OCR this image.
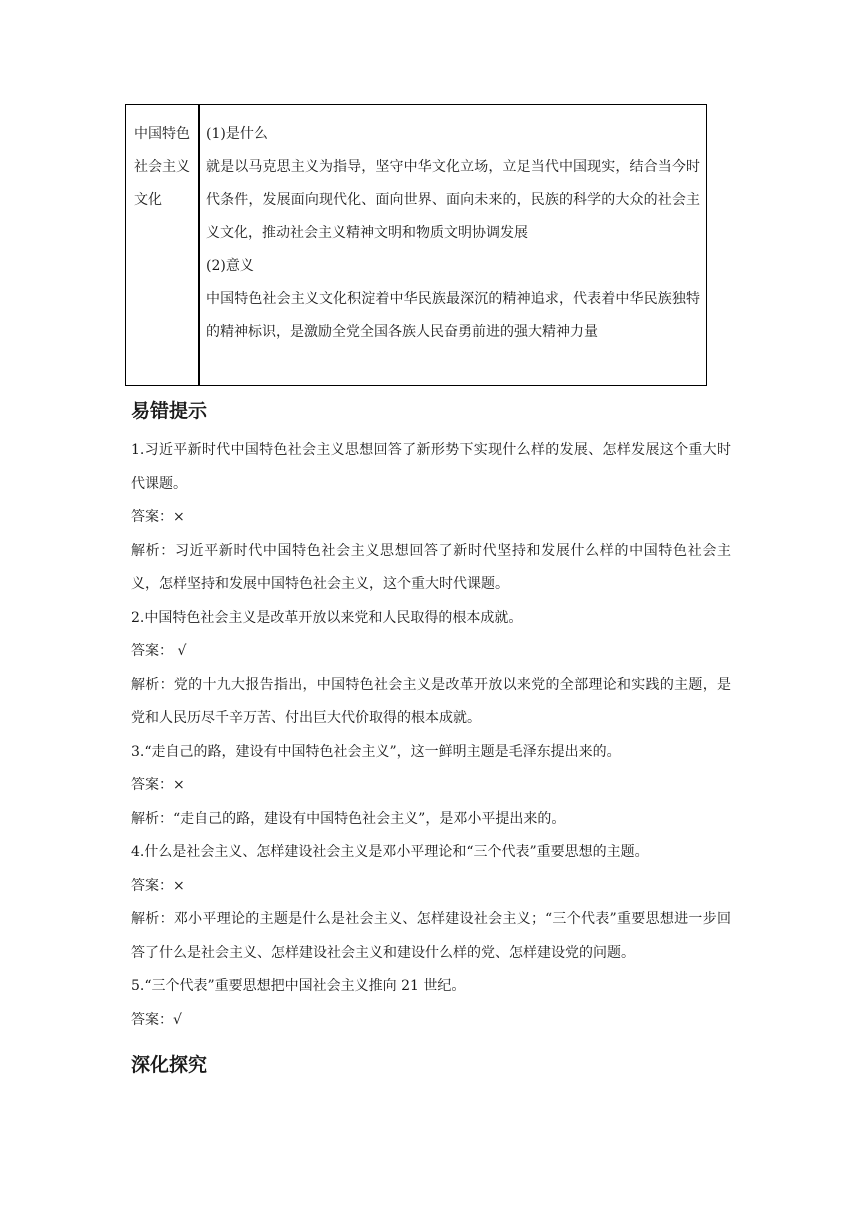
中国特色
社会主义
文化

(1)是什么

就是以马克思主义为指导，坚守中华文化立场，立足当代中国现实，结合当今时代条件，发展面向现代化、面向世界、面向未来的，民族的科学的大众的社会主义文化，推动社会主义精神文明和物质文明协调发展

(2)意义

中国特色社会主义文化积淀着中华民族最深沉的精神追求，代表着中华民族独特的精神标识，是激励全党全国各族人民奋勇前进的强大精神力量

易错提示

1.习近平新时代中国特色社会主义思想回答了新形势下实现什么样的发展、怎样发展这个重大时代课题。

答案：×

解析：习近平新时代中国特色社会主义思想回答了新时代坚持和发展什么样的中国特色社会主义，怎样坚持和发展中国特色社会主义，这个重大时代课题。

2.中国特色社会主义是改革开放以来党和人民取得的根本成就。

答案： √

解析：党的十九大报告指出，中国特色社会主义是改革开放以来党的全部理论和实践的主题，是党和人民历尽千辛万苦、付出巨大代价取得的根本成就。

3.“走自己的路，建设有中国特色社会主义”，这一鲜明主题是毛泽东提出来的。

答案：×

解析：“走自己的路，建设有中国特色社会主义”，是邓小平提出来的。

4.什么是社会主义、怎样建设社会主义是邓小平理论和“三个代表”重要思想的主题。

答案：×

解析：邓小平理论的主题是什么是社会主义、怎样建设社会主义；“三个代表”重要思想进一步回答了什么是社会主义、怎样建设社会主义和建设什么样的党、怎样建设党的问题。

5.“三个代表”重要思想把中国社会主义推向 21 世纪。

答案：√

深化探究
